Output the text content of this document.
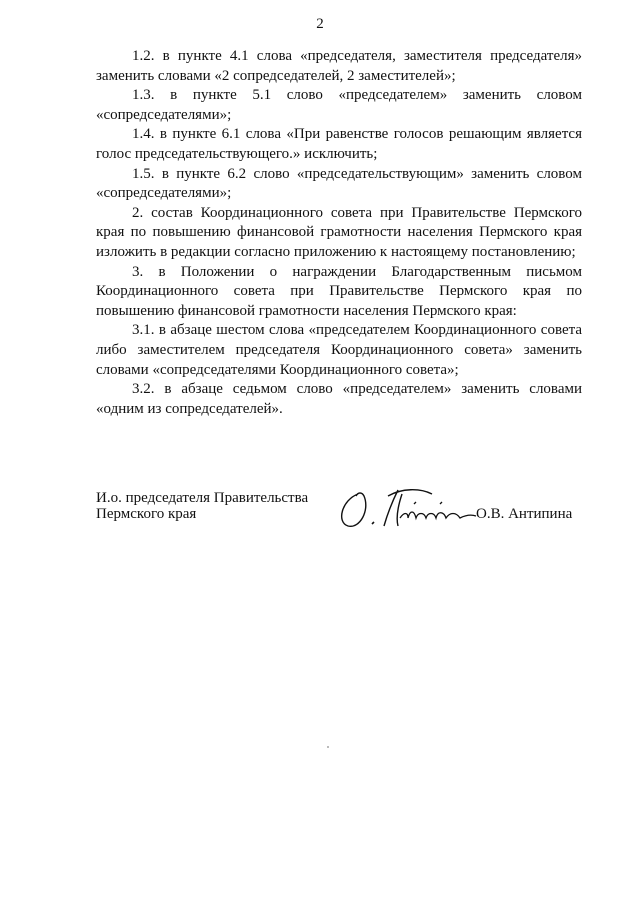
2

1.2. в пункте 4.1 слова «председателя, заместителя председателя» заменить словами «2 сопредседателей, 2 заместителей»;

1.3. в пункте 5.1 слово «председателем» заменить словом «сопредседателями»;

1.4. в пункте 6.1 слова «При равенстве голосов решающим является голос председательствующего.» исключить;

1.5. в пункте 6.2 слово «председательствующим» заменить словом «сопредседателями»;

2. состав Координационного совета при Правительстве Пермского края по повышению финансовой грамотности населения Пермского края изложить в редакции согласно приложению к настоящему постановлению;

3. в Положении о награждении Благодарственным письмом Координационного совета при Правительстве Пермского края по повышению финансовой грамотности населения Пермского края:

3.1. в абзаце шестом слова «председателем Координационного совета либо заместителем председателя Координационного совета» заменить словами «сопредседателями Координационного совета»;

3.2. в абзаце седьмом слово «председателем» заменить словами «одним из сопредседателей».

И.о. председателя Правительства
Пермского края	О.В. Антипина
